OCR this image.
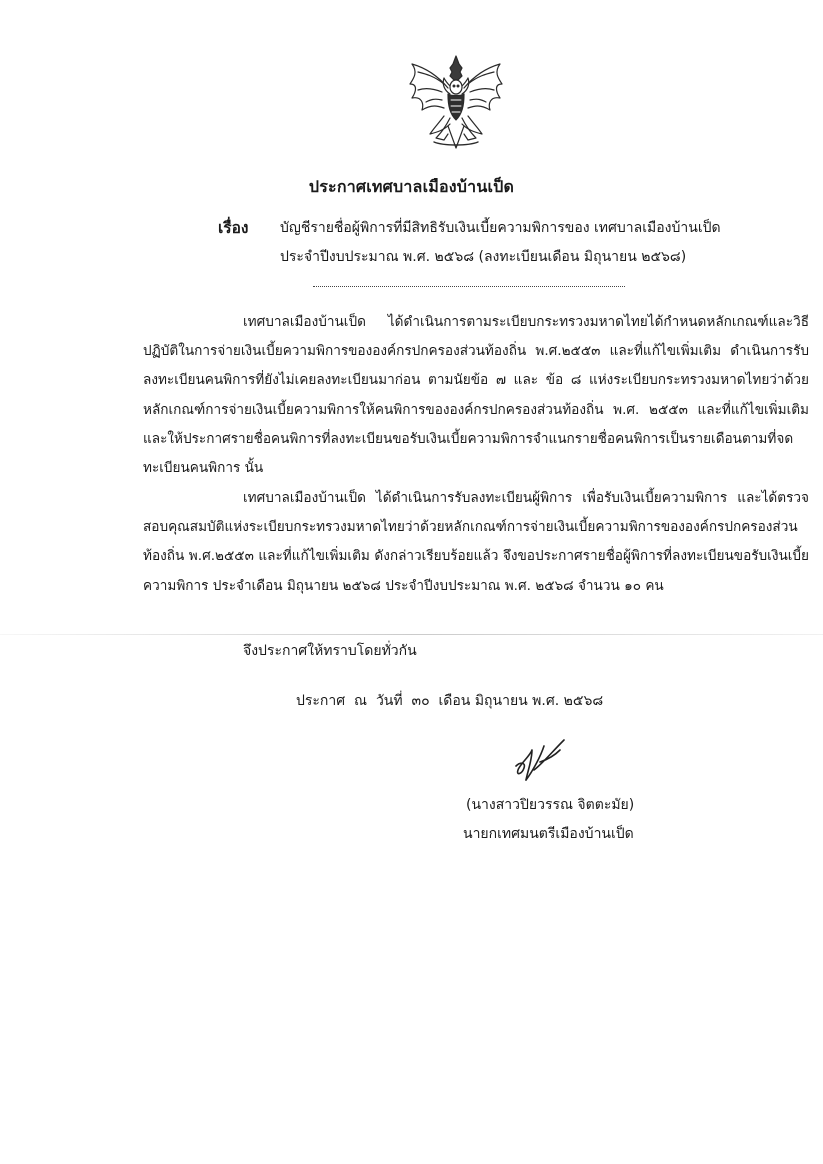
ประกาศเทศบาลเมืองบ้านเป็ด
เรื่อง บัญชีรายชื่อผู้พิการที่มีสิทธิรับเงินเบี้ยความพิการของ เทศบาลเมืองบ้านเป็ด
ประจำปีงบประมาณ พ.ศ. ๒๕๖๘ (ลงทะเบียนเดือน มิถุนายน ๒๕๖๘)

เทศบาลเมืองบ้านเป็ด ได้ดำเนินการตามระเบียบกระทรวงมหาดไทยได้กำหนดหลักเกณฑ์และวิธีปฏิบัติในการจ่ายเงินเบี้ยความพิการขององค์กรปกครองส่วนท้องถิ่น พ.ศ.๒๕๕๓ และที่แก้ไขเพิ่มเติม ดำเนินการรับลงทะเบียนคนพิการที่ยังไม่เคยลงทะเบียนมาก่อน ตามนัยข้อ ๗ และ ข้อ ๘ แห่งระเบียบกระทรวงมหาดไทยว่าด้วยหลักเกณฑ์การจ่ายเงินเบี้ยความพิการให้คนพิการขององค์กรปกครองส่วนท้องถิ่น พ.ศ. ๒๕๕๓ และที่แก้ไขเพิ่มเติม และให้ประกาศรายชื่อคนพิการที่ลงทะเบียนขอรับเงินเบี้ยความพิการจำแนกรายชื่อคนพิการเป็นรายเดือนตามที่จดทะเบียนคนพิการ นั้น

เทศบาลเมืองบ้านเป็ด ได้ดำเนินการรับลงทะเบียนผู้พิการ เพื่อรับเงินเบี้ยความพิการ และได้ตรวจสอบคุณสมบัติแห่งระเบียบกระทรวงมหาดไทยว่าด้วยหลักเกณฑ์การจ่ายเงินเบี้ยความพิการขององค์กรปกครองส่วนท้องถิ่น พ.ศ.๒๕๕๓ และที่แก้ไขเพิ่มเติม ดังกล่าวเรียบร้อยแล้ว จึงขอประกาศรายชื่อผู้พิการที่ลงทะเบียนขอรับเงินเบี้ยความพิการ ประจำเดือน มิถุนายน ๒๕๖๘ ประจำปีงบประมาณ พ.ศ. ๒๕๖๘ จำนวน ๑๐ คน

จึงประกาศให้ทราบโดยทั่วกัน
ประกาศ  ณ  วันที่  ๓๐  เดือน มิถุนายน พ.ศ. ๒๕๖๘
(นางสาวปิยวรรณ จิตตะมัย)
นายกเทศมนตรีเมืองบ้านเป็ด
